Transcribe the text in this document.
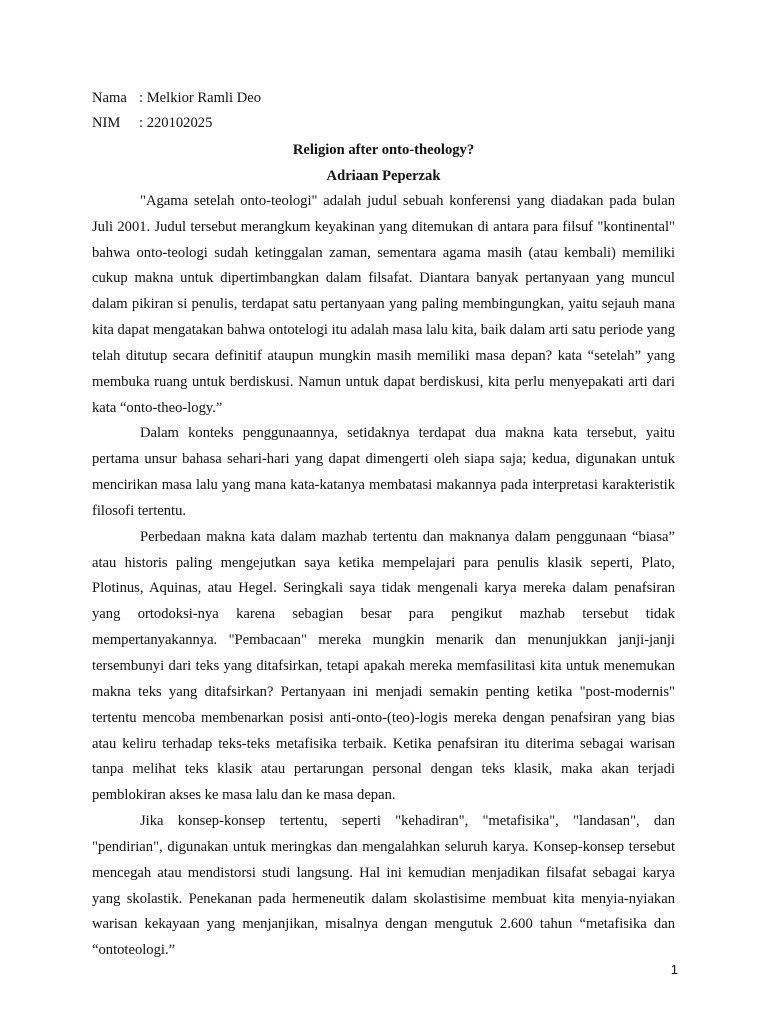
Nama : Melkior Ramli Deo
NIM : 220102025
Religion after onto-theology?
Adriaan Peperzak

"Agama setelah onto-teologi" adalah judul sebuah konferensi yang diadakan pada bulan Juli 2001. Judul tersebut merangkum keyakinan yang ditemukan di antara para filsuf "kontinental" bahwa onto-teologi sudah ketinggalan zaman, sementara agama masih (atau kembali) memiliki cukup makna untuk dipertimbangkan dalam filsafat. Diantara banyak pertanyaan yang muncul dalam pikiran si penulis, terdapat satu pertanyaan yang paling membingungkan, yaitu sejauh mana kita dapat mengatakan bahwa ontotelogi itu adalah masa lalu kita, baik dalam arti satu periode yang telah ditutup secara definitif ataupun mungkin masih memiliki masa depan? kata “setelah” yang membuka ruang untuk berdiskusi. Namun untuk dapat berdiskusi, kita perlu menyepakati arti dari kata “onto-theo-logy.”

Dalam konteks penggunaannya, setidaknya terdapat dua makna kata tersebut, yaitu pertama unsur bahasa sehari-hari yang dapat dimengerti oleh siapa saja; kedua, digunakan untuk mencirikan masa lalu yang mana kata-katanya membatasi makannya pada interpretasi karakteristik filosofi tertentu.

Perbedaan makna kata dalam mazhab tertentu dan maknanya dalam penggunaan “biasa” atau historis paling mengejutkan saya ketika mempelajari para penulis klasik seperti, Plato, Plotinus, Aquinas, atau Hegel. Seringkali saya tidak mengenali karya mereka dalam penafsiran yang ortodoksi-nya karena sebagian besar para pengikut mazhab tersebut tidak mempertanyakannya. "Pembacaan" mereka mungkin menarik dan menunjukkan janji-janji tersembunyi dari teks yang ditafsirkan, tetapi apakah mereka memfasilitasi kita untuk menemukan makna teks yang ditafsirkan? Pertanyaan ini menjadi semakin penting ketika "post-modernis" tertentu mencoba membenarkan posisi anti-onto-(teo)-logis mereka dengan penafsiran yang bias atau keliru terhadap teks-teks metafisika terbaik. Ketika penafsiran itu diterima sebagai warisan tanpa melihat teks klasik atau pertarungan personal dengan teks klasik, maka akan terjadi pemblokiran akses ke masa lalu dan ke masa depan.

Jika konsep-konsep tertentu, seperti "kehadiran", "metafisika", "landasan", dan "pendirian", digunakan untuk meringkas dan mengalahkan seluruh karya. Konsep-konsep tersebut mencegah atau mendistorsi studi langsung. Hal ini kemudian menjadikan filsafat sebagai karya yang skolastik. Penekanan pada hermeneutik dalam skolastisime membuat kita menyia-nyiakan warisan kekayaan yang menjanjikan, misalnya dengan mengutuk 2.600 tahun “metafisika dan “ontoteologi.”

1
